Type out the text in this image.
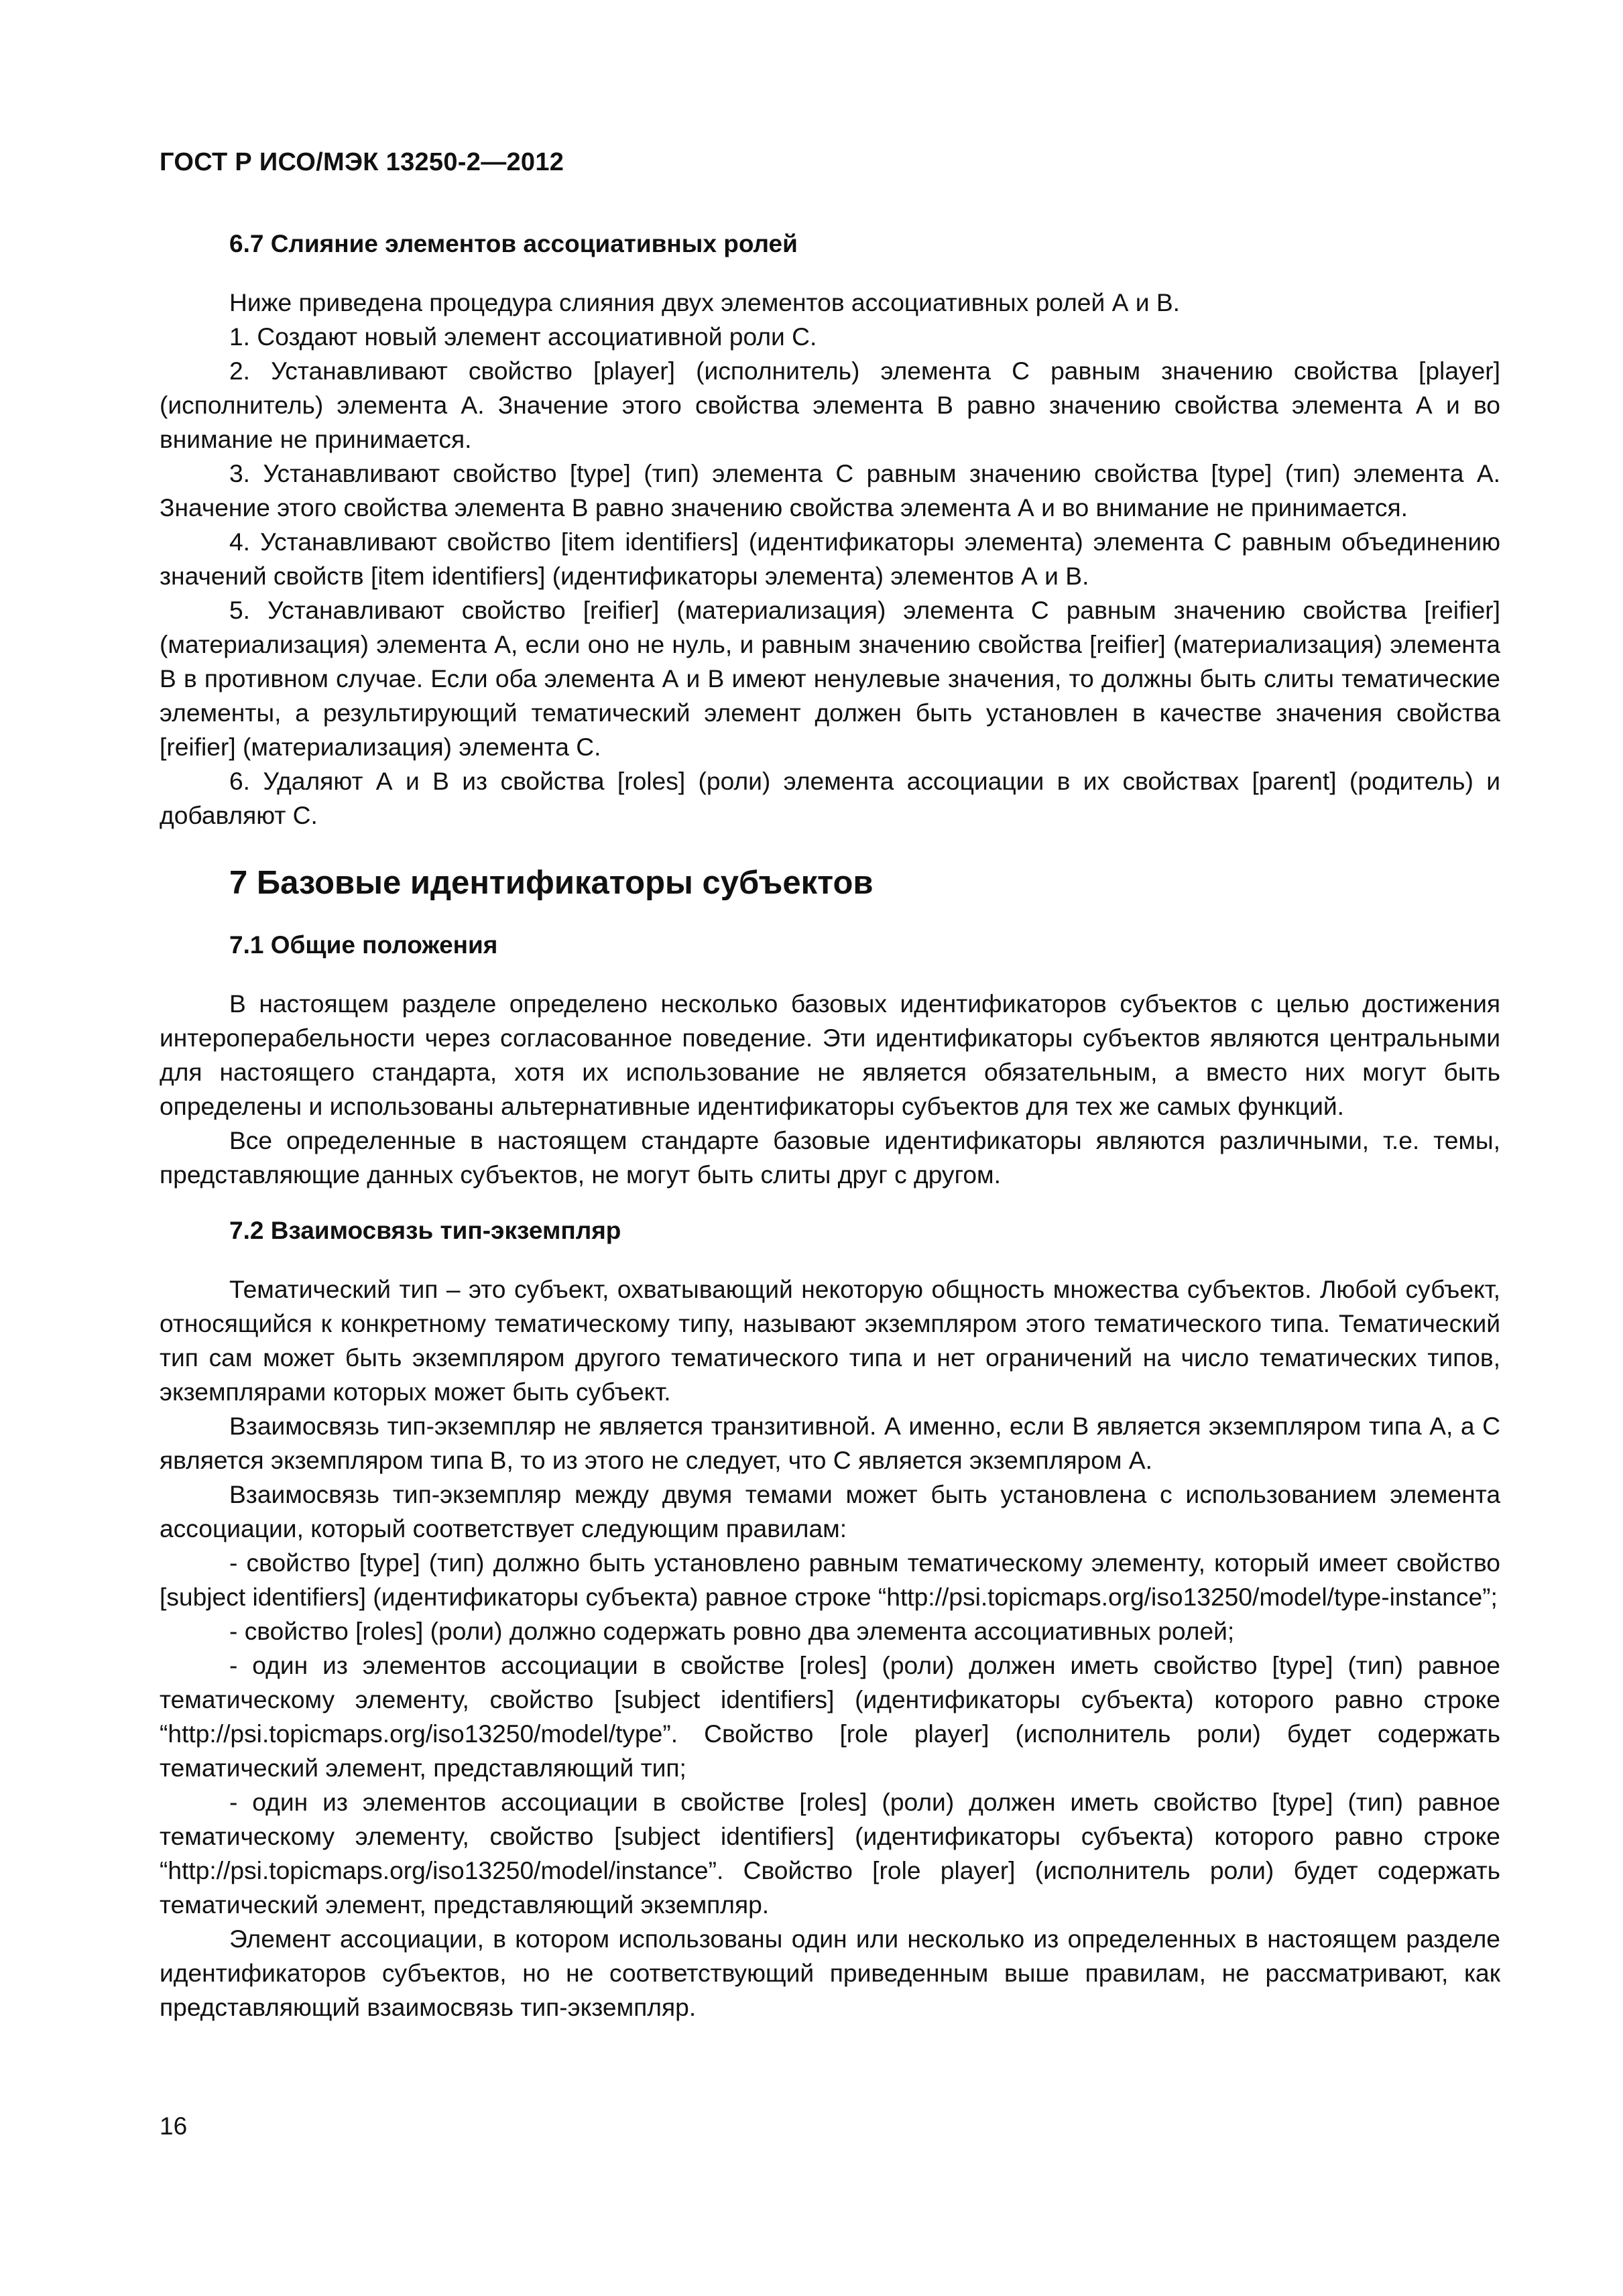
ГОСТ Р ИСО/МЭК 13250-2—2012
6.7 Слияние элементов ассоциативных ролей

Ниже приведена процедура слияния двух элементов ассоциативных ролей А и В.

1. Создают новый элемент ассоциативной роли С.

2. Устанавливают свойство [player] (исполнитель) элемента С равным значению свойства [player] (исполнитель) элемента А. Значение этого свойства элемента В равно значению свойства элемента А и во внимание не принимается.

3. Устанавливают свойство [type] (тип) элемента С равным значению свойства [type] (тип) элемента А. Значение этого свойства элемента В равно значению свойства элемента А и во внимание не принимается.

4. Устанавливают свойство [item identifiers] (идентификаторы элемента) элемента С равным объединению значений свойств [item identifiers] (идентификаторы элемента) элементов А и В.

5. Устанавливают свойство [reifier] (материализация) элемента С равным значению свойства [reifier] (материализация) элемента А, если оно не нуль, и равным значению свойства [reifier] (материализация) элемента В в противном случае. Если оба элемента А и В имеют ненулевые значения, то должны быть слиты тематические элементы, а результирующий тематический элемент должен быть установлен в качестве значения свойства [reifier] (материализация) элемента С.

6. Удаляют А и В из свойства [roles] (роли) элемента ассоциации в их свойствах [parent] (родитель) и добавляют С.

7 Базовые идентификаторы субъектов
7.1 Общие положения

В настоящем разделе определено несколько базовых идентификаторов субъектов с целью достижения интероперабельности через согласованное поведение. Эти идентификаторы субъектов являются центральными для настоящего стандарта, хотя их использование не является обязательным, а вместо них могут быть определены и использованы альтернативные идентификаторы субъектов для тех же самых функций.

Все определенные в настоящем стандарте базовые идентификаторы являются различными, т.е. темы, представляющие данных субъектов, не могут быть слиты друг с другом.

7.2 Взаимосвязь тип-экземпляр

Тематический тип – это субъект, охватывающий некоторую общность множества субъектов. Любой субъект, относящийся к конкретному тематическому типу, называют экземпляром этого тематического типа. Тематический тип сам может быть экземпляром другого тематического типа и нет ограничений на число тематических типов, экземплярами которых может быть субъект.

Взаимосвязь тип-экземпляр не является транзитивной. А именно, если В является экземпляром типа А, а С является экземпляром типа В, то из этого не следует, что С является экземпляром А.

Взаимосвязь тип-экземпляр между двумя темами может быть установлена с использованием элемента ассоциации, который соответствует следующим правилам:

- свойство [type] (тип) должно быть установлено равным тематическому элементу, который имеет свойство [subject identifiers] (идентификаторы субъекта) равное строке “http://psi.topicmaps.org/iso13250/model/type-instance”;

- свойство [roles] (роли) должно содержать ровно два элемента ассоциативных ролей;

- один из элементов ассоциации в свойстве [roles] (роли) должен иметь свойство [type] (тип) равное тематическому элементу, свойство [subject identifiers] (идентификаторы субъекта) которого равно строке “http://psi.topicmaps.org/iso13250/model/type”. Свойство [role player] (исполнитель роли) будет содержать тематический элемент, представляющий тип;

- один из элементов ассоциации в свойстве [roles] (роли) должен иметь свойство [type] (тип) равное тематическому элементу, свойство [subject identifiers] (идентификаторы субъекта) которого равно строке “http://psi.topicmaps.org/iso13250/model/instance”. Свойство [role player] (исполнитель роли) будет содержать тематический элемент, представляющий экземпляр.

Элемент ассоциации, в котором использованы один или несколько из определенных в настоящем разделе идентификаторов субъектов, но не соответствующий приведенным выше правилам, не рассматривают, как представляющий взаимосвязь тип-экземпляр.

16
